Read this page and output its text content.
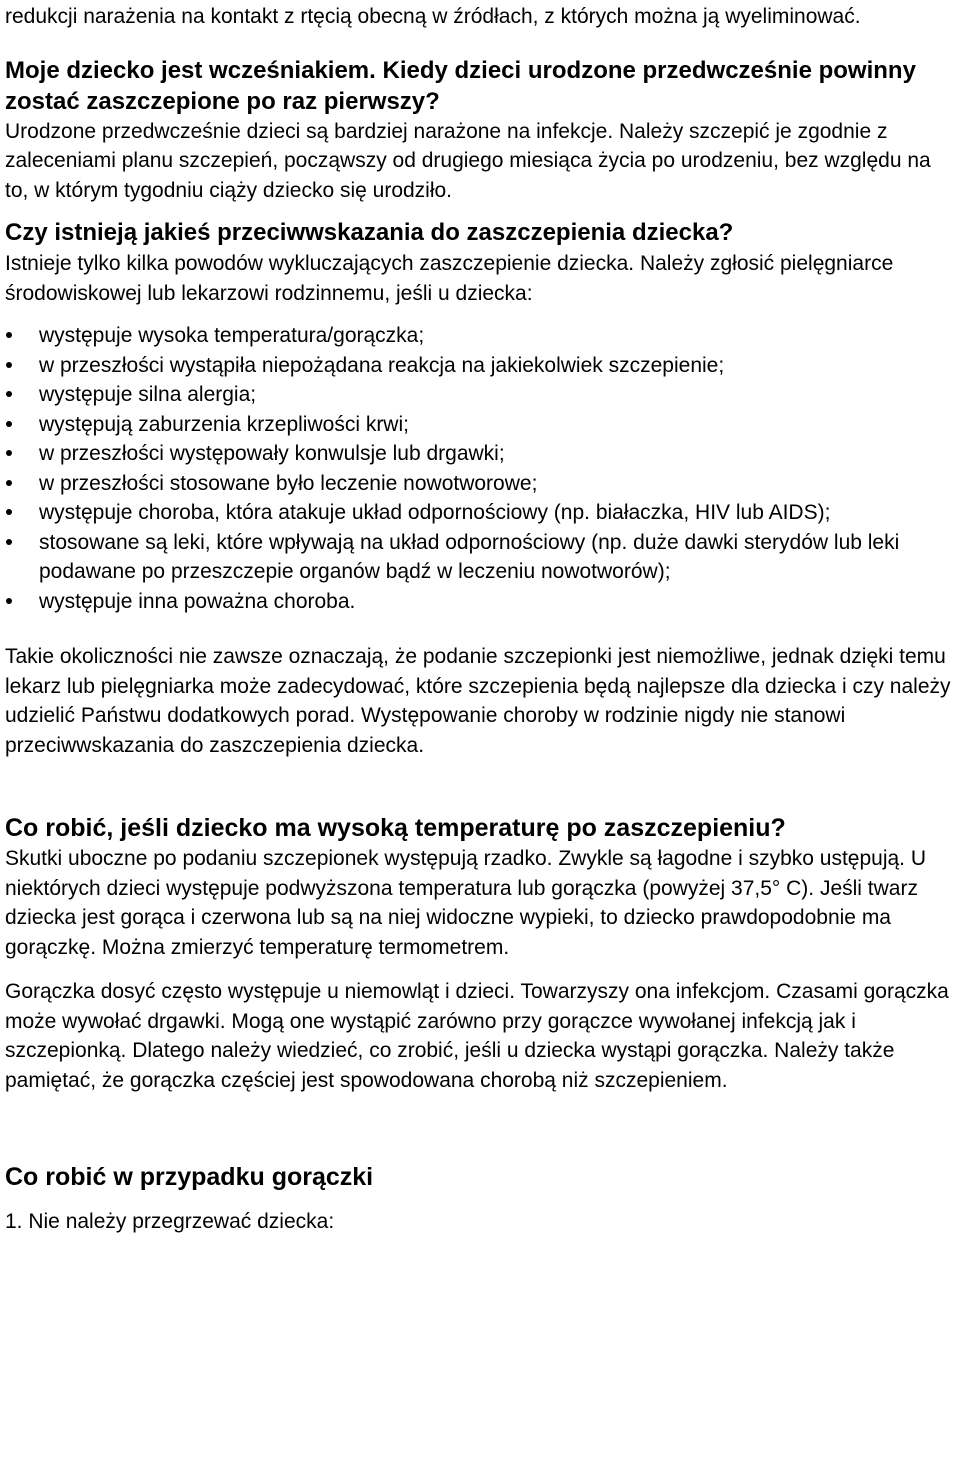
redukcji narażenia na kontakt z rtęcią obecną w źródłach, z których można ją wyeliminować.

Moje dziecko jest wcześniakiem. Kiedy dzieci urodzone przedwcześnie powinny zostać zaszczepione po raz pierwszy?

Urodzone przedwcześnie dzieci są bardziej narażone na infekcje. Należy szczepić je zgodnie z zaleceniami planu szczepień, począwszy od drugiego miesiąca życia po urodzeniu, bez względu na to, w którym tygodniu ciąży dziecko się urodziło.

Czy istnieją jakieś przeciwwskazania do zaszczepienia dziecka?

Istnieje tylko kilka powodów wykluczających zaszczepienie dziecka. Należy zgłosić pielęgniarce środowiskowej lub lekarzowi rodzinnemu, jeśli u dziecka:

występuje wysoka temperatura/gorączka;
w przeszłości wystąpiła niepożądana reakcja na jakiekolwiek szczepienie;
występuje silna alergia;
występują zaburzenia krzepliwości krwi;
w przeszłości występowały konwulsje lub drgawki;
w przeszłości stosowane było leczenie nowotworowe;
występuje choroba, która atakuje układ odpornościowy (np. białaczka, HIV lub AIDS);
stosowane są leki, które wpływają na układ odpornościowy (np. duże dawki sterydów lub leki podawane po przeszczepie organów bądź w leczeniu nowotworów);
występuje inna poważna choroba.

Takie okoliczności nie zawsze oznaczają, że podanie szczepionki jest niemożliwe, jednak dzięki temu lekarz lub pielęgniarka może zadecydować, które szczepienia będą najlepsze dla dziecka i czy należy udzielić Państwu dodatkowych porad. Występowanie choroby w rodzinie nigdy nie stanowi przeciwwskazania do zaszczepienia dziecka.

Co robić, jeśli dziecko ma wysoką temperaturę po zaszczepieniu?

Skutki uboczne po podaniu szczepionek występują rzadko. Zwykle są łagodne i szybko ustępują. U niektórych dzieci występuje podwyższona temperatura lub gorączka (powyżej 37,5° C). Jeśli twarz dziecka jest gorąca i czerwona lub są na niej widoczne wypieki, to dziecko prawdopodobnie ma gorączkę. Można zmierzyć temperaturę termometrem.

Gorączka dosyć często występuje u niemowląt i dzieci. Towarzyszy ona infekcjom. Czasami gorączka może wywołać drgawki. Mogą one wystąpić zarówno przy gorączce wywołanej infekcją jak i szczepionką. Dlatego należy wiedzieć, co zrobić, jeśli u dziecka wystąpi gorączka. Należy także pamiętać, że gorączka częściej jest spowodowana chorobą niż szczepieniem.

Co robić w przypadku gorączki

1. Nie należy przegrzewać dziecka:
